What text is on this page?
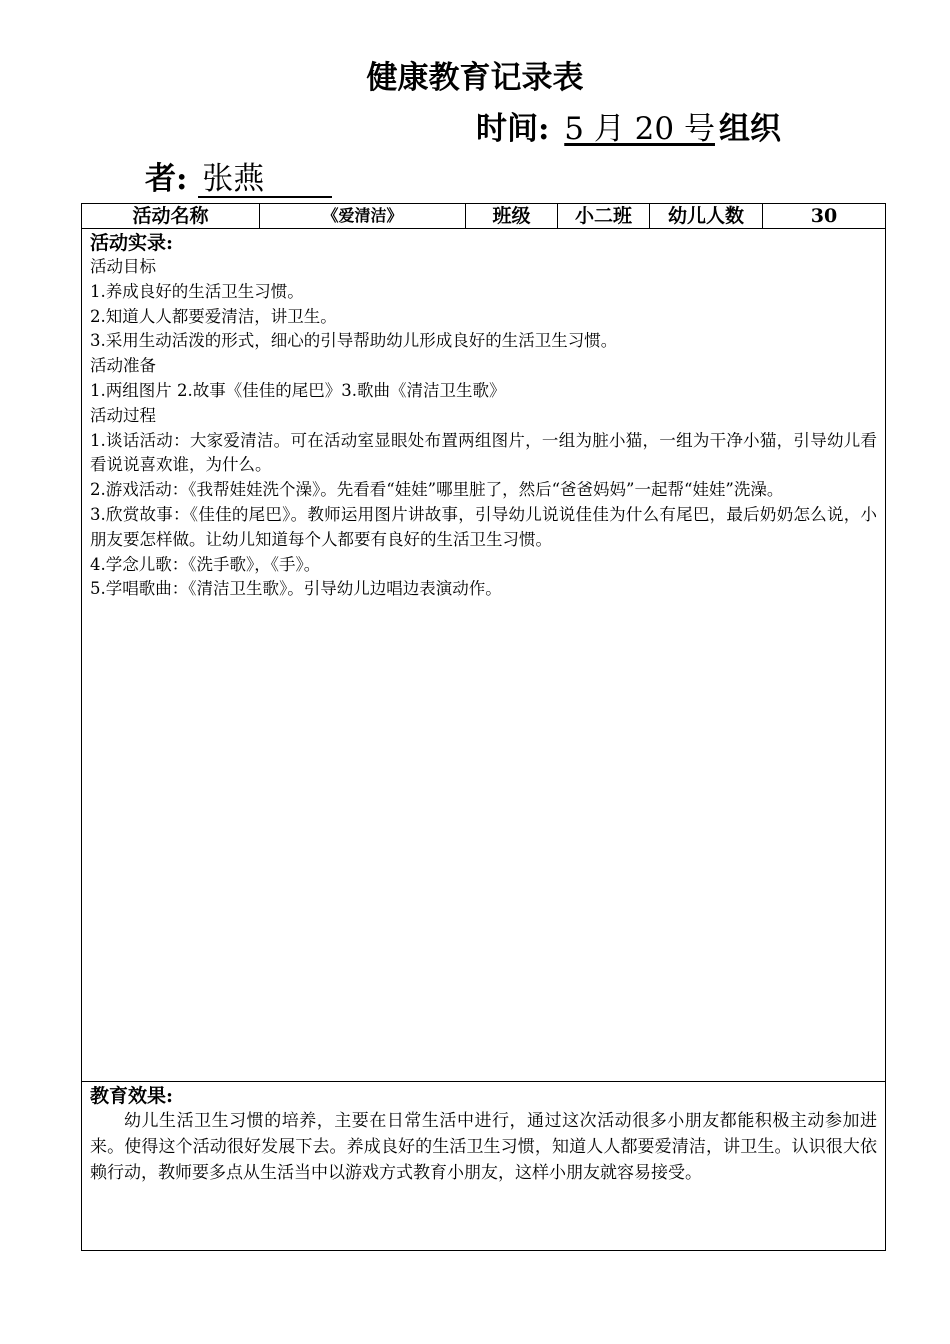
健康教育记录表
时间: 5 月 20 号 组织
者: 张燕
活动名称	《爱清洁》	班级	小二班	幼儿人数	30

活动实录:
活动目标
1.养成良好的生活卫生习惯。
2.知道人人都要爱清洁，讲卫生。
3.采用生动活泼的形式，细心的引导帮助幼儿形成良好的生活卫生习惯。
活动准备
1.两组图片 2.故事《佳佳的尾巴》3.歌曲《清洁卫生歌》
活动过程
1.谈话活动：大家爱清洁。可在活动室显眼处布置两组图片，一组为脏小猫，一组为干净小猫，引导幼儿看看说说喜欢谁，为什么。
2.游戏活动：《我帮娃娃洗个澡》。先看看“娃娃”哪里脏了，然后“爸爸妈妈”一起帮“娃娃”洗澡。
3.欣赏故事：《佳佳的尾巴》。教师运用图片讲故事，引导幼儿说说佳佳为什么有尾巴，最后奶奶怎么说，小朋友要怎样做。让幼儿知道每个人都要有良好的生活卫生习惯。
4.学念儿歌：《洗手歌》，《手》。
5.学唱歌曲：《清洁卫生歌》。引导幼儿边唱边表演动作。

教育效果:
幼儿生活卫生习惯的培养，主要在日常生活中进行，通过这次活动很多小朋友都能积极主动参加进来。使得这个活动很好发展下去。养成良好的生活卫生习惯，知道人人都要爱清洁，讲卫生。认识很大依赖行动，教师要多点从生活当中以游戏方式教育小朋友，这样小朋友就容易接受。
